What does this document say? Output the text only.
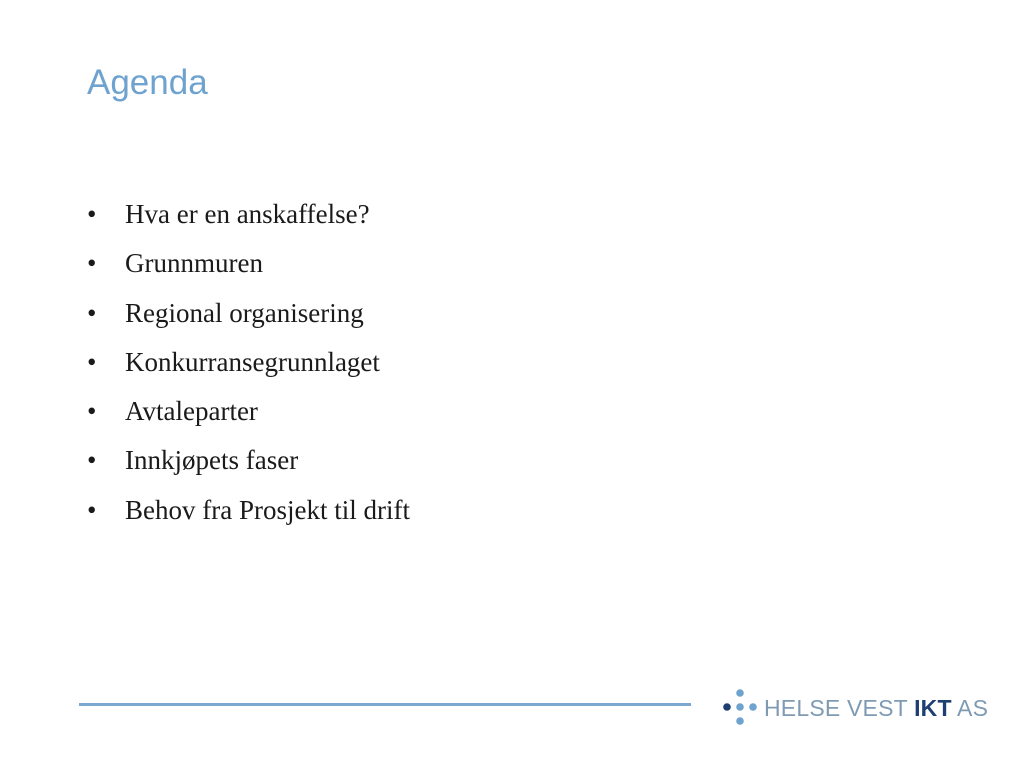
Agenda
•	Hva er en anskaffelse?
•	Grunnmuren
•	Regional organisering
•	Konkurransegrunnlaget
•	Avtaleparter
•	Innkjøpets faser
•	Behov fra Prosjekt til drift
HELSE VEST IKT AS
